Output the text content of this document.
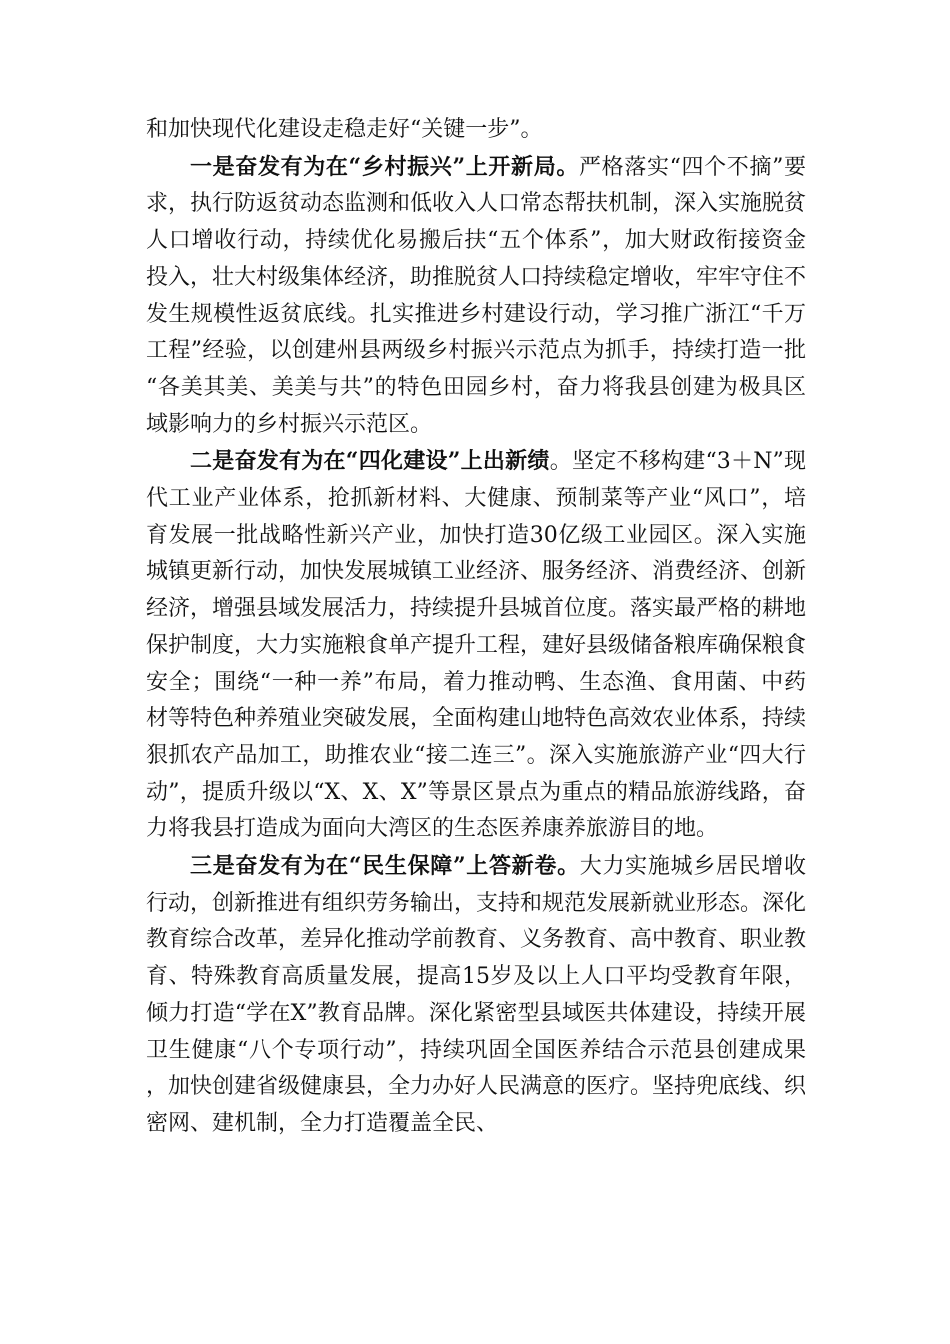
和加快现代化建设走稳走好“关键一步”。

一是奋发有为在“乡村振兴”上开新局。严格落实“四个不摘”要求，执行防返贫动态监测和低收入人口常态帮扶机制，深入实施脱贫人口增收行动，持续优化易搬后扶“五个体系”，加大财政衔接资金投入，壮大村级集体经济，助推脱贫人口持续稳定增收，牢牢守住不发生规模性返贫底线。扎实推进乡村建设行动，学习推广浙江“千万工程”经验，以创建州县两级乡村振兴示范点为抓手，持续打造一批“各美其美、美美与共”的特色田园乡村，奋力将我县创建为极具区域影响力的乡村振兴示范区。

二是奋发有为在“四化建设”上出新绩。坚定不移构建“3＋N”现代工业产业体系，抢抓新材料、大健康、预制菜等产业“风口”，培育发展一批战略性新兴产业，加快打造30亿级工业园区。深入实施城镇更新行动，加快发展城镇工业经济、服务经济、消费经济、创新经济，增强县域发展活力，持续提升县城首位度。落实最严格的耕地保护制度，大力实施粮食单产提升工程，建好县级储备粮库确保粮食安全；围绕“一种一养”布局，着力推动鸭、生态渔、食用菌、中药材等特色种养殖业突破发展，全面构建山地特色高效农业体系，持续狠抓农产品加工，助推农业“接二连三”。深入实施旅游产业“四大行动”，提质升级以“X、X、X”等景区景点为重点的精品旅游线路，奋力将我县打造成为面向大湾区的生态医养康养旅游目的地。

三是奋发有为在“民生保障”上答新卷。大力实施城乡居民增收行动，创新推进有组织劳务输出，支持和规范发展新就业形态。深化教育综合改革，差异化推动学前教育、义务教育、高中教育、职业教育、特殊教育高质量发展，提高15岁及以上人口平均受教育年限，倾力打造“学在X”教育品牌。深化紧密型县域医共体建设，持续开展卫生健康“八个专项行动”，持续巩固全国医养结合示范县创建成果，加快创建省级健康县，全力办好人民满意的医疗。坚持兜底线、织密网、建机制，全力打造覆盖全民、
